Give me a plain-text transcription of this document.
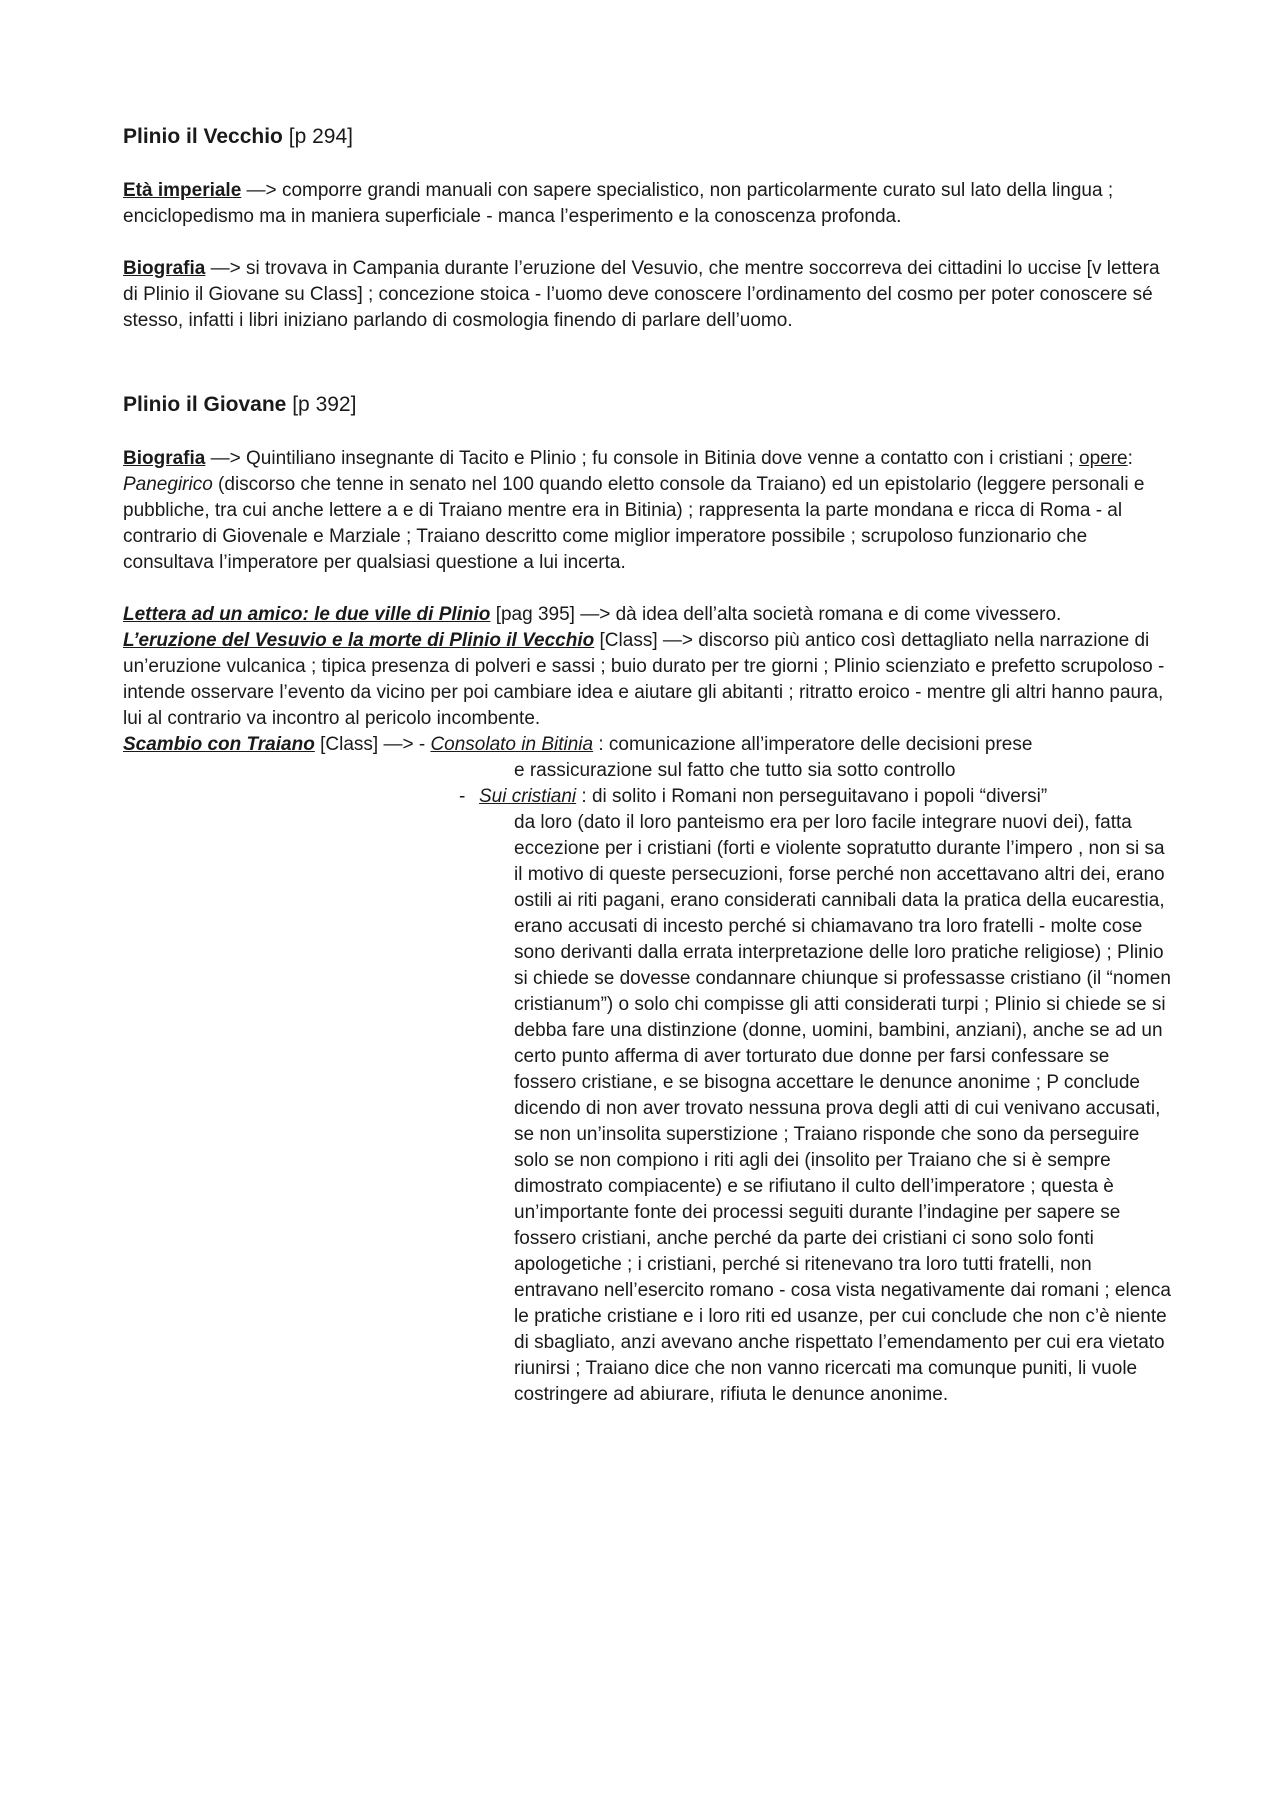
Plinio il Vecchio [p 294]

Età imperiale —> comporre grandi manuali con sapere specialistico, non particolarmente curato sul lato della lingua ; enciclopedismo ma in maniera superficiale - manca l’esperimento e la conoscenza profonda.

Biografia —> si trovava in Campania durante l’eruzione del Vesuvio, che mentre soccorreva dei cittadini lo uccise [v lettera di Plinio il Giovane su Class] ; concezione stoica - l’uomo deve conoscere l’ordinamento del cosmo per poter conoscere sé stesso, infatti i libri iniziano parlando di cosmologia finendo di parlare dell’uomo.

Plinio il Giovane [p 392]

Biografia —> Quintiliano insegnante di Tacito e Plinio ; fu console in Bitinia dove venne a contatto con i cristiani ; opere: Panegirico (discorso che tenne in senato nel 100 quando eletto console da Traiano) ed un epistolario (leggere personali e pubbliche, tra cui anche lettere a e di Traiano mentre era in Bitinia) ; rappresenta la parte mondana e ricca di Roma - al contrario di Giovenale e Marziale ; Traiano descritto come miglior imperatore possibile ; scrupoloso funzionario che consultava l’imperatore per qualsiasi questione a lui incerta.

Lettera ad un amico: le due ville di Plinio [pag 395] —> dà idea dell’alta società romana e di come vivessero.

L’eruzione del Vesuvio e la morte di Plinio il Vecchio [Class] —> discorso più antico così dettagliato nella narrazione di un’eruzione vulcanica ; tipica presenza di polveri e sassi ; buio durato per tre giorni ; Plinio scienziato e prefetto scrupoloso - intende osservare l’evento da vicino per poi cambiare idea e aiutare gli abitanti ; ritratto eroico - mentre gli altri hanno paura, lui al contrario va incontro al pericolo incombente.

Scambio con Traiano [Class] —> - Consolato in Bitinia : comunicazione all’imperatore delle decisioni prese

e rassicurazione sul fatto che tutto sia sotto controllo

- Sui cristiani : di solito i Romani non perseguitavano i popoli “diversi”

da loro (dato il loro panteismo era per loro facile integrare nuovi dei), fatta eccezione per i cristiani (forti e violente sopratutto durante l’impero , non si sa il motivo di queste persecuzioni, forse perché non accettavano altri dei, erano ostili ai riti pagani, erano considerati cannibali data la pratica della eucarestia, erano accusati di incesto perché si chiamavano tra loro fratelli - molte cose sono derivanti dalla errata interpretazione delle loro pratiche religiose) ; Plinio si chiede se dovesse condannare chiunque si professasse cristiano (il “nomen cristianum”) o solo chi compisse gli atti considerati turpi ; Plinio si chiede se si debba fare una distinzione (donne, uomini, bambini, anziani), anche se ad un certo punto afferma di aver torturato due donne per farsi confessare se fossero cristiane, e se bisogna accettare le denunce anonime ; P conclude dicendo di non aver trovato nessuna prova degli atti di cui venivano accusati, se non un’insolita superstizione ; Traiano risponde che sono da perseguire solo se non compiono i riti agli dei (insolito per Traiano che si è sempre dimostrato compiacente) e se rifiutano il culto dell’imperatore ; questa è un’importante fonte dei processi seguiti durante l’indagine per sapere se fossero cristiani, anche perché da parte dei cristiani ci sono solo fonti apologetiche ; i cristiani, perché si ritenevano tra loro tutti fratelli, non entravano nell’esercito romano - cosa vista negativamente dai romani ; elenca le pratiche cristiane e i loro riti ed usanze, per cui conclude che non c’è niente di sbagliato, anzi avevano anche rispettato l’emendamento per cui era vietato riunirsi ; Traiano dice che non vanno ricercati ma comunque puniti, li vuole costringere ad abiurare, rifiuta le denunce anonime.
